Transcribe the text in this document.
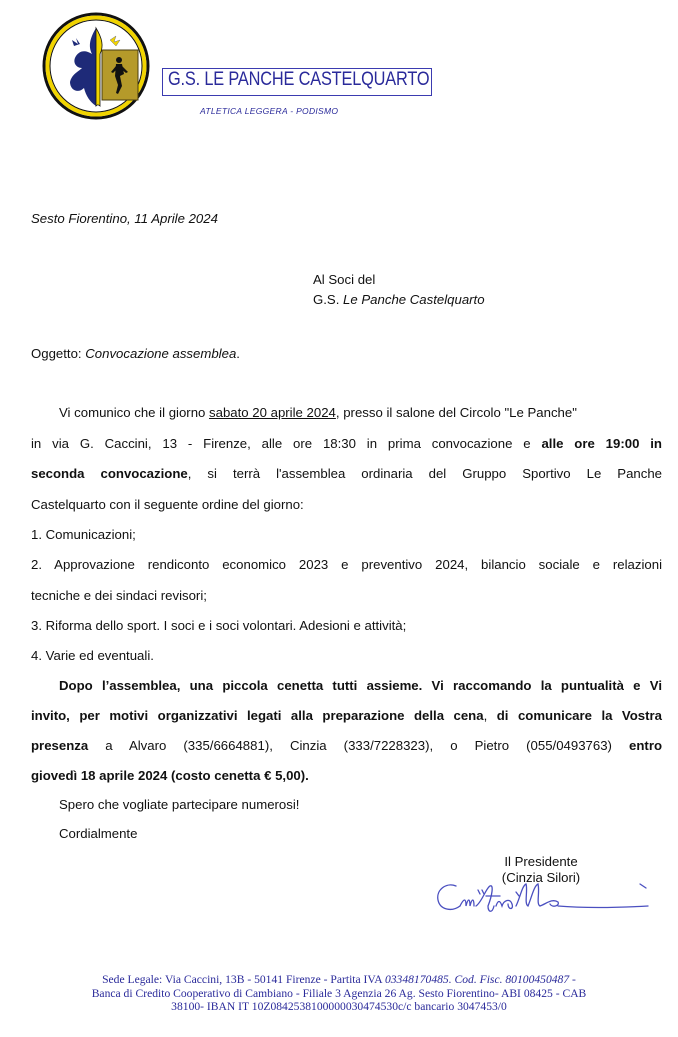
G.S. LE PANCHE CASTELQUARTO
ATLETICA LEGGERA - PODISMO
Sesto Fiorentino, 11 Aprile 2024
Al Soci del
G.S. Le Panche Castelquarto
Oggetto: Convocazione assemblea.
Vi comunico che il giorno sabato 20 aprile 2024, presso il salone del Circolo "Le Panche"
in via G. Caccini, 13 - Firenze, alle ore 18:30 in prima convocazione e alle ore 19:00 in
seconda convocazione, si terrà l'assemblea ordinaria del Gruppo Sportivo Le Panche
Castelquarto con il seguente ordine del giorno:
1. Comunicazioni;
2. Approvazione rendiconto economico 2023 e preventivo 2024, bilancio sociale e relazioni
tecniche e dei sindaci revisori;
3. Riforma dello sport. I soci e i soci volontari. Adesioni e attività;
4. Varie ed eventuali.
Dopo l’assemblea, una piccola cenetta tutti assieme. Vi raccomando la puntualità e Vi
invito, per motivi organizzativi legati alla preparazione della cena, di comunicare la Vostra
presenza a Alvaro (335/6664881), Cinzia (333/7228323), o Pietro (055/0493763) entro
giovedì 18 aprile 2024 (costo cenetta € 5,00).
Spero che vogliate partecipare numerosi!
Cordialmente
Il Presidente
(Cinzia Silori)
Sede Legale: Via Caccini, 13B - 50141 Firenze - Partita IVA 03348170485. Cod. Fisc. 80100450487 -
Banca di Credito Cooperativo di Cambiano - Filiale 3 Agenzia 26 Ag. Sesto Fiorentino- ABI 08425 - CAB
38100- IBAN IT 10Z0842538100000030474530c/c bancario 3047453/0
